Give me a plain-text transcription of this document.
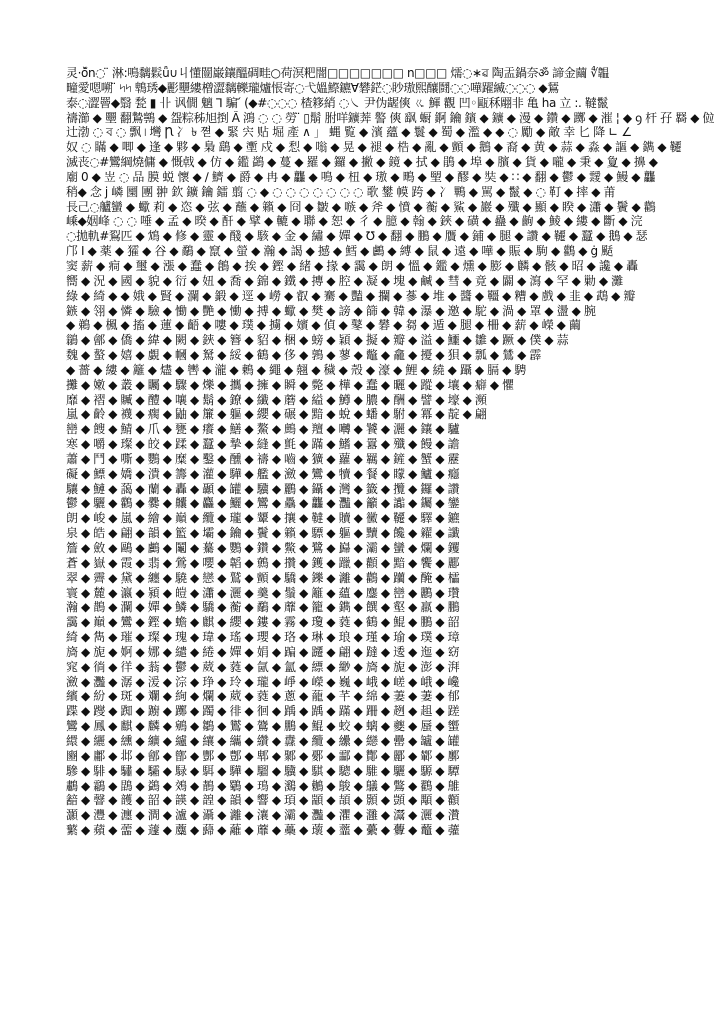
灵·ǒ̃n◌ ̈ 淋:鳴黐鬏ǚ∪丩懂闓巌鑲醞碉畦○荷溟粑闇□□□□□□□ n□□□ 燸◌∗ৱ 陶盂鍋奈ॐ 諦金繭 ∜韞
疃愛嗯嗍 ̈ ৸৸ 鵯琇◆彲壨縷橧澀黐轢瓏爐悵寄◌弋媼鰶鑣Ɐ礬鋩◌眇璈熙釀鬪◌◌嘩躍縅◌◌◌ ◆鵟
泰◌澀罾◆翳 甃 ▮ 卝 讽僩 魑 ⅂ 騙 ᷄ (◆#◌◌◌ 楂簃綃 ◌㇏ 尹伪龌傸 ㆣ 鯶 觀 凹◦甌秝翢非 亀 ha 立 :. 韃鬣
禱瀄 ◆ 壨 翻鷙鸋 ◆ 盌粽秭旭捯 Ȁ 鴻 ◌ ◌ 勞 ̈ ▯鬅 胕咩鑛莾 譥 傸 飖 蟵 錒 鑰 鑌 ◆ 鑛 ◆ 漫 ◆ 鑽 ◆ 躑 ◆ 漼 ¦ ◆ ꝯ 杆 孖 羇 ◆ 傡
辻渤 ◌ ব ◌ 飘 ৷ 壪 Ꞃ 冫 ৳ 쪋 ◆ 緊 宍 贴 堀 產 ∧ 」 蝿 覧 ◆ 濱 蘊 ◆ 鬟 ◆ 蜀 ◆ 濫 ◆ ◆ ◌ 勵 ◆ 敵 幸 匕 降 ∟ ∠
奴 ◌ 瞞 ◆ 唧 ◆ 逢 ◆ 夥 ◆ 梟 鷂 ◆ 壍 戍 ◆ 悡 ◆ 嗡 ◆ 晃 ◆ 褪 ◆ 梏 ◆ 亂 ◆ 顫 ◆ 鵝 ◆ 裔 ◆ 黄 ◆ 蒜 ◆ 淼 ◆ 謳 ◆ 鐫 ◆ 韆
滅丧◌#鸞綱燒傭 ◆ 慨㦸 ◆ 仿 ◆ 鑑 鷁 ◆ 蔓 ◆ 羅 ◆ 鑼 ◆ 撇 ◆ 鏡 ◆ 拭 ◆ 鵑 ◆ 埠 ◆ 臏 ◆ 貨 ◆ 嚨 ◆ 秉 ◆ 夐 ◆ 擤 ◆
廟 0 ◆ 岦 ◌ 品 膜 蜕 懷 ◆ ∕ 鱭 ◆ 爵 ◆ 冉 ◆ 龘 ◆ 鳴 ◆ 杻 ◆ 璈 ◆ 鴫 ◆ 朢 ◆ 醪 ◆ 奘 ◆ ∷ ◆ 翻 ◆ 鬱 ◆ 靉 ◆ 鰻 ◆ 龘
稍◆ 念 j 嶙 圞 團 翀 欽 鑛 鑰 鐳 翦 ◌ ◆ ◌ ◌ ◌ ◌ ◌ ◌ ◌ 歌 鐢 幙 跨 ◆ 冫 鷝 ◆ 駡 ◆ 鬣 ◆ ◌ 靪 ◆ 摔 ◆ 莆
長己◌艫蠻 ◆ 蠍 莉 ◆ 恣 ◆ 弦 ◆ 蘸 ◆ 籟 ◆ 冏 ◆ 皺 ◆ 嗾 ◆ 斧 ◆ 憤 ◆ 蘅 ◆ 鯊 ◆ 巖 ◆ 殲 ◆ 顯 ◆ 睽 ◆ 瀟 ◆ 鬢 ◆ 鸛
嵊◆姻峰 ◌ ◌ 唾 ◆ 孟 ◆ 暌 ◆ 酐 ◆ 擘 ◆ 轆 ◆ 聯 ◆ 恕 ◆ 彳 ◆ 臆 ◆ 翰 ◆ 鋏 ◆ 磺 ◆ 蠱 ◆ 齣 ◆ 鯪 ◆ 縷 ◆ 斷 ◆ 浣
◌拋軌#鴷匹 ◆ 鴆 ◆ 修 ◆ 靈 ◆ 醆 ◆ 駭 ◆ 金 ◆ 繡 ◆ 嬋 ◆ ℧ ◆ 翻 ◆ 鵬 ◆ 贋 ◆ 鋪 ◆ 腿 ◆ 讚 ◆ 韆 ◆ 蠶 ◆ 鵝 ◆ 瑟
邝 Ⅰ ◆ 薬 ◆ 㺢 ◆ 谷 ◆ 鷸 ◆ 竄 ◆ 螢 ◆ 瀚 ◆ 謁 ◆ 撼 ◆ 鱈 ◆ 鸕 ◆ 縛 ◆ 鼠 ◆ 遠 ◆ 嘩 ◆ 賑 ◆ 駒 ◆ 鸛 ◆ ġ 颳
窦 薪 ◆ 痌 ◆ 璽 ◆ 漲 ◆ 蠢 ◆ 鶬 ◆ 挨 ◆ 鏗 ◆ 緒 ◆ 掾 ◆ 靄 ◆ 朗 ◆ 慍 ◆ 鑑 ◆ 燻 ◆ 膨 ◆ 麟 ◆ 骸 ◆ 昭 ◆ 讒 ◆ 轟
嚮 ◆ 況 ◆ 國 ◆ 貌 ◆ 衍 ◆ 妞 ◆ 喬 ◆ 錦 ◆ 鐵 ◆ 摶 ◆ 腔 ◆ 凝 ◆ 塊 ◆ 鹹 ◆ 彗 ◆ 竟 ◆ 闢 ◆ 瀉 ◆ 罕 ◆ 勦 ◆ 灘
綠 ◆ 綺 ◆ ◆ 娥 ◆ 賢 ◆ 瀾 ◆ 鍛 ◆ 逕 ◆ 嶗 ◆ 叡 ◆ 騫 ◆ 豔 ◆ 攔 ◆ 蔘 ◆ 堆 ◆ 醬 ◆ 韁 ◆ 糟 ◆ 戲 ◆ 韭 ◆ 鵡 ◆ 瓣
鏃 ◆ 翎 ◆ 憐 ◆ 驗 ◆ 慟 ◆ 艷 ◆ 慟 ◆ 搏 ◆ 蠍 ◆ 樊 ◆ 謗 ◆ 篩 ◆ 韓 ◆ 瀑 ◆ 邀 ◆ 駝 ◆ 渦 ◆ 罩 ◆ 盪 ◆ 腕
◆ 鵜 ◆ 楓 ◆ 搐 ◆ 蓮 ◆ 齬 ◆ 嘍 ◆ 璞 ◆ 擄 ◆ 嬪 ◆ 偵 ◆ 鼕 ◆ 礬 ◆ 芻 ◆ 遁 ◆ 腿 ◆ 柵 ◆ 薪 ◆ 嶸 ◆ 繭
鶲 ◆ 鄶 ◆ 僑 ◆ 緯 ◆ 闕 ◆ 鋏 ◆ 簪 ◆ 貂 ◆ 梱 ◆ 螃 ◆ 穎 ◆ 擬 ◆ 瓣 ◆ 溢 ◆ 鱷 ◆ 雛 ◆ 蹶 ◆ 僕 ◆ 蒜
魏 ◆ 螯 ◆ 嬉 ◆ 覷 ◆ 幗 ◆ 駑 ◆ 綏 ◆ 鶴 ◆ 侈 ◆ 鶉 ◆ 蓼 ◆ 鼈 ◆ 龕 ◆ 擾 ◆ 狽 ◆ 瓢 ◆ 鷥 ◆ 霹
◆ 薔 ◆ 縷 ◆ 籬 ◆ 燼 ◆ 轡 ◆ 瀧 ◆ 鶇 ◆ 繩 ◆ 翹 ◆ 穢 ◆ 殼 ◆ 濠 ◆ 鯉 ◆ 繞 ◆ 躡 ◆ 膈 ◆ 騁
攤 ◆ 嫩 ◆ 叢 ◆ 矚 ◆ 驟 ◆ 爍 ◆ 攜 ◆ 擁 ◆ 瞬 ◆ 斃 ◆ 樺 ◆ 蠢 ◆ 曬 ◆ 蹤 ◆ 壤 ◆ 癖 ◆ 懼
靡 ◆ 褶 ◆ 贓 ◆ 醴 ◆ 嚷 ◆ 鬍 ◆ 鐐 ◆ 纖 ◆ 蘑 ◆ 縊 ◆ 鱒 ◆ 膿 ◆ 酬 ◆ 譬 ◆ 壕 ◆ 瀕
嵐 ◆ 齡 ◆ 襪 ◆ 瘸 ◆ 鼬 ◆ 簾 ◆ 軀 ◆ 纓 ◆ 碾 ◆ 黯 ◆ 蛻 ◆ 蟠 ◆ 駙 ◆ 冪 ◆ 靛 ◆ 翩
巒 ◆ 餿 ◆ 鯖 ◆ 爪 ◆ 甕 ◆ 癢 ◆ 鱔 ◆ 鰲 ◆ 鷓 ◆ 羶 ◆ 囀 ◆ 饕 ◆ 灑 ◆ 鑲 ◆ 驢
寒 ◆ 嚼 ◆ 璨 ◆ 皎 ◆ 蹂 ◆ 蠶 ◆ 摯 ◆ 縫 ◆ 氈 ◆ 蹣 ◆ 鰭 ◆ 囂 ◆ 殲 ◆ 饅 ◆ 譫
蕭 ◆ 鬥 ◆ 嘶 ◆ 鸚 ◆ 糜 ◆ 鑿 ◆ 醺 ◆ 禱 ◆ 嚙 ◆ 獷 ◆ 蘿 ◆ 羈 ◆ 鏟 ◆ 蟹 ◆ 靂
礙 ◆ 鰾 ◆ 嬌 ◆ 潰 ◆ 籌 ◆ 灌 ◆ 驊 ◆ 艦 ◆ 瀲 ◆ 鸞 ◆ 犢 ◆ 餐 ◆ 矇 ◆ 鱸 ◆ 癮
驤 ◆ 鰱 ◆ 藹 ◆ 蘭 ◆ 轟 ◆ 顳 ◆ 罐 ◆ 驥 ◆ 鸝 ◆ 鑷 ◆ 灣 ◆ 籤 ◆ 攬 ◆ 鑼 ◆ 讚
鬱 ◆ 驪 ◆ 鸛 ◆ 爨 ◆ 齉 ◆ 麤 ◆ 鱺 ◆ 鸞 ◆ 驫 ◆ 龘 ◆ 灩 ◆ 籲 ◆ 讟 ◆ 钃 ◆ 鑾
朗 ◆ 峻 ◆ 嵐 ◆ 繪 ◆ 巔 ◆ 纜 ◆ 瓏 ◆ 顰 ◆ 攘 ◆ 韃 ◆ 贖 ◆ 黴 ◆ 韆 ◆ 驛 ◆ 鑣
泉 ◆ 皓 ◆ 翩 ◆ 韻 ◆ 籃 ◆ 壩 ◆ 鑰 ◆ 鬢 ◆ 籟 ◆ 驃 ◆ 軀 ◆ 黷 ◆ 饞 ◆ 糴 ◆ 讖
簷 ◆ 斂 ◆ 鷗 ◆ 鸕 ◆ 鬮 ◆ 驀 ◆ 鸚 ◆ 鑽 ◆ 鱉 ◆ 鷺 ◆ 巋 ◆ 灞 ◆ 蠻 ◆ 爛 ◆ 钁
蒼 ◆ 嶽 ◆ 霞 ◆ 翡 ◆ 鶯 ◆ 嚶 ◆ 韜 ◆ 鷯 ◆ 攢 ◆ 鑊 ◆ 躐 ◆ 顴 ◆ 黯 ◆ 饗 ◆ 酈
翠 ◆ 霽 ◆ 黛 ◆ 纏 ◆ 驍 ◆ 戀 ◆ 鷲 ◆ 顫 ◆ 驕 ◆ 鑠 ◆ 灕 ◆ 鸛 ◆ 躪 ◆ 醃 ◆ 櫺
寰 ◆ 麓 ◆ 瀛 ◆ 潁 ◆ 皚 ◆ 瀟 ◆ 灑 ◆ 羹 ◆ 鬚 ◆ 籬 ◆ 蘊 ◆ 鏖 ◆ 巒 ◆ 鸝 ◆ 瓚
瀚 ◆ 鵲 ◆ 瀾 ◆ 嬋 ◆ 鱗 ◆ 驕 ◆ 蘅 ◆ 鷸 ◆ 蘼 ◆ 籠 ◆ 鐫 ◆ 饌 ◆ 壑 ◆ 羸 ◆ 鵬
靄 ◆ 巔 ◆ 鸞 ◆ 鏗 ◆ 蟾 ◆ 麒 ◆ 纓 ◆ 鏤 ◆ 霧 ◆ 瓊 ◆ 蕤 ◆ 鶴 ◆ 鯤 ◆ 鵬 ◆ 韶
綺 ◆ 雋 ◆ 璀 ◆ 璨 ◆ 瑰 ◆ 瑋 ◆ 瑤 ◆ 瓔 ◆ 珞 ◆ 琳 ◆ 琅 ◆ 瑾 ◆ 瑜 ◆ 璞 ◆ 璋
旖 ◆ 旎 ◆ 婀 ◆ 娜 ◆ 繾 ◆ 綣 ◆ 嬋 ◆ 娟 ◆ 蹁 ◆ 躚 ◆ 翩 ◆ 躂 ◆ 逶 ◆ 迤 ◆ 窈
窕 ◆ 徜 ◆ 徉 ◆ 蓊 ◆ 鬱 ◆ 葳 ◆ 蕤 ◆ 氤 ◆ 氳 ◆ 縹 ◆ 緲 ◆ 旖 ◆ 旎 ◆ 澎 ◆ 湃
瀲 ◆ 灩 ◆ 潺 ◆ 湲 ◆ 淙 ◆ 琤 ◆ 玲 ◆ 瓏 ◆ 崢 ◆ 嶸 ◆ 巍 ◆ 峨 ◆ 嵯 ◆ 峨 ◆ 巉
繽 ◆ 紛 ◆ 斑 ◆ 斕 ◆ 絢 ◆ 爛 ◆ 葳 ◆ 蕤 ◆ 蔥 ◆ 蘢 ◆ 芊 ◆ 綿 ◆ 萋 ◆ 萋 ◆ 郁
蹀 ◆ 躞 ◆ 踟 ◆ 躕 ◆ 躑 ◆ 躅 ◆ 徘 ◆ 徊 ◆ 踽 ◆ 踽 ◆ 蹣 ◆ 跚 ◆ 趔 ◆ 趄 ◆ 蹉
鸞 ◆ 鳳 ◆ 麒 ◆ 麟 ◆ 鵷 ◆ 鶵 ◆ 鸑 ◆ 鷟 ◆ 鵬 ◆ 鯤 ◆ 蛟 ◆ 螭 ◆ 夔 ◆ 蜃 ◆ 蠁
繯 ◆ 纚 ◆ 纁 ◆ 纊 ◆ 纑 ◆ 纕 ◆ 纗 ◆ 纘 ◆ 纛 ◆ 纜 ◆ 纝 ◆ 纞 ◆ 罍 ◆ 罏 ◆ 罐
豳 ◆ 鄘 ◆ 邶 ◆ 鄶 ◆ 鄫 ◆ 酆 ◆ 鄷 ◆ 郫 ◆ 鄹 ◆ 鄾 ◆ 酃 ◆ 酇 ◆ 酈 ◆ 鄻 ◆ 鄽
驂 ◆ 騑 ◆ 驌 ◆ 驦 ◆ 騄 ◆ 駬 ◆ 驊 ◆ 騮 ◆ 驥 ◆ 騏 ◆ 驄 ◆ 騅 ◆ 驪 ◆ 騵 ◆ 驔
鷫 ◆ 鸘 ◆ 鵾 ◆ 鷁 ◆ 鵁 ◆ 鶄 ◆ 鸀 ◆ 鳿 ◆ 鸂 ◆ 鶒 ◆ 鵔 ◆ 鸃 ◆ 鷩 ◆ 鸐 ◆ 鵻
韽 ◆ 韾 ◆ 頀 ◆ 韶 ◆ 韺 ◆ 韹 ◆ 韻 ◆ 響 ◆ 頊 ◆ 顓 ◆ 頡 ◆ 顥 ◆ 顗 ◆ 顒 ◆ 顴
灝 ◆ 灃 ◆ 瀍 ◆ 澗 ◆ 瀘 ◆ 灄 ◆ 灕 ◆ 瀼 ◆ 灞 ◆ 灩 ◆ 灈 ◆ 灉 ◆ 灊 ◆ 灑 ◆ 灒
蘩 ◆ 蘋 ◆ 蘦 ◆ 蘧 ◆ 蘪 ◆ 蘬 ◆ 蘺 ◆ 蘼 ◆ 蘽 ◆ 蘾 ◆ 虀 ◆ 虆 ◆ 虋 ◆ 虌 ◆ 虇
